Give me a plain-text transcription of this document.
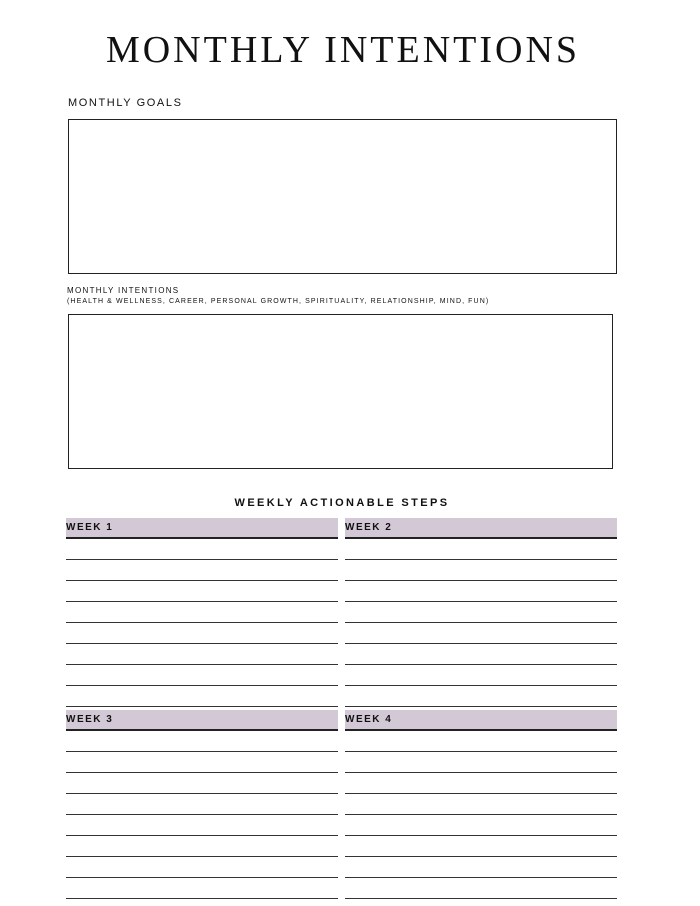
MONTHLY INTENTIONS

MONTHLY GOALS

MONTHLY INTENTIONS

(HEALTH & WELLNESS, CAREER, PERSONAL GROWTH, SPIRITUALITY, RELATIONSHIP, MIND, FUN)

WEEKLY ACTIONABLE STEPS
WEEK 1	WEEK 2
WEEK 3	WEEK 4
